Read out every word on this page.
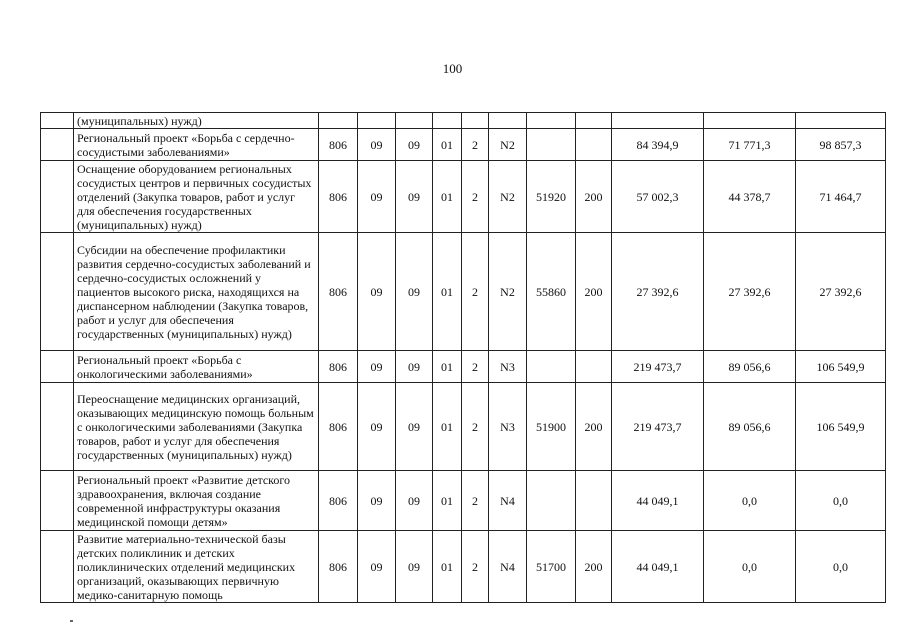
100
	(муниципальных) нужд)											
	Региональный проект «Борьба с сердечно-сосудистыми заболеваниями»	806	09	09	01	2	N2			84 394,9	71 771,3	98 857,3
	Оснащение оборудованием региональных сосудистых центров и первичных сосудистых отделений (Закупка товаров, работ и услуг для обеспечения государственных (муниципальных) нужд)	806	09	09	01	2	N2	51920	200	57 002,3	44 378,7	71 464,7
	Субсидии на обеспечение профилактики развития сердечно-сосудистых заболеваний и сердечно-сосудистых осложнений у пациентов высокого риска, находящихся на диспансерном наблюдении (Закупка товаров, работ и услуг для обеспечения государственных (муниципальных) нужд)	806	09	09	01	2	N2	55860	200	27 392,6	27 392,6	27 392,6
	Региональный проект «Борьба с онкологическими заболеваниями»	806	09	09	01	2	N3			219 473,7	89 056,6	106 549,9
	Переоснащение медицинских организаций, оказывающих медицинскую помощь больным с онкологическими заболеваниями (Закупка товаров, работ и услуг для обеспечения государственных (муниципальных) нужд)	806	09	09	01	2	N3	51900	200	219 473,7	89 056,6	106 549,9
	Региональный проект «Развитие детского здравоохранения, включая создание современной инфраструктуры оказания медицинской помощи детям»	806	09	09	01	2	N4			44 049,1	0,0	0,0
	Развитие материально-технической базы детских поликлиник и детских поликлинических отделений медицинских организаций, оказывающих первичную медико-санитарную помощь	806	09	09	01	2	N4	51700	200	44 049,1	0,0	0,0
